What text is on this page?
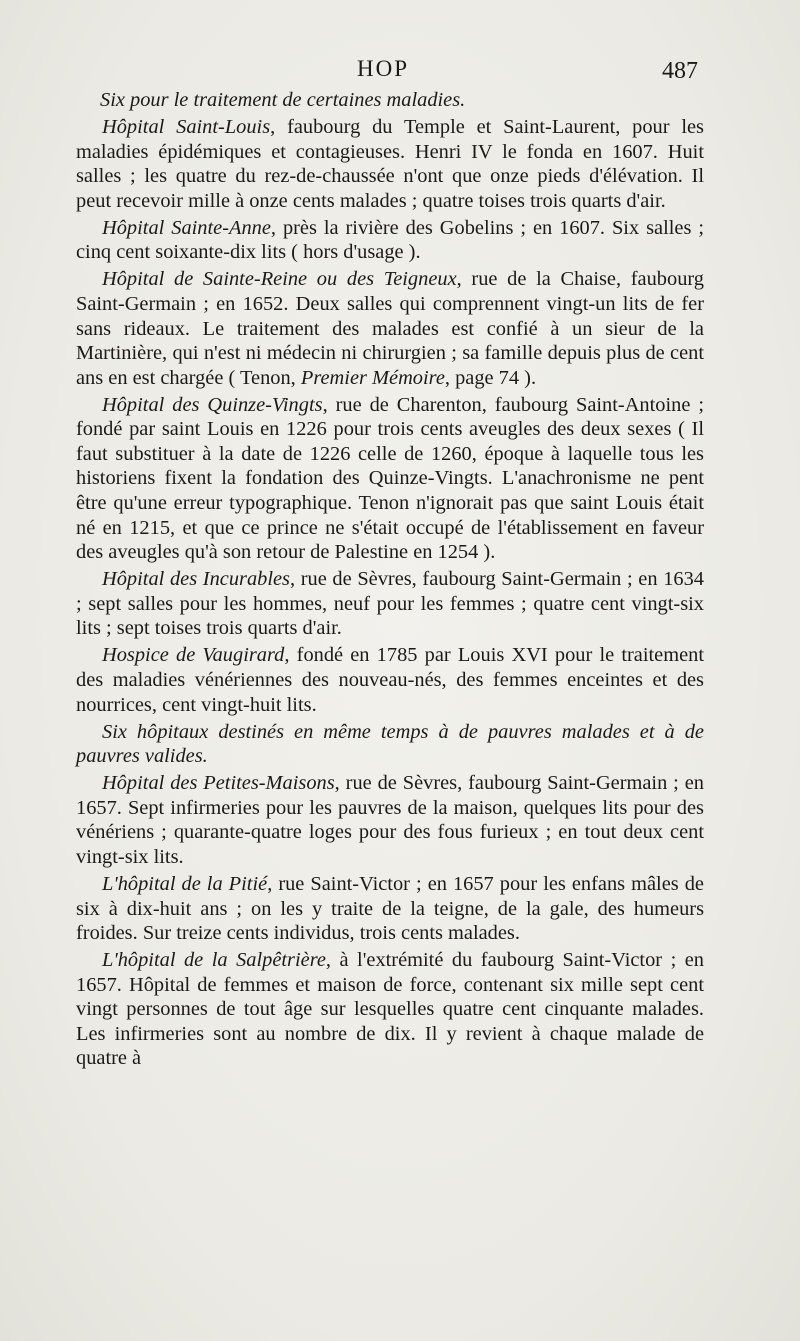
HOP	487

Six pour le traitement de certaines maladies.

Hôpital Saint-Louis, faubourg du Temple et Saint-Laurent, pour les maladies épidémiques et contagieuses. Henri IV le fonda en 1607. Huit salles ; les quatre du rez-de-chaussée n'ont que onze pieds d'élévation. Il peut recevoir mille à onze cents malades ; quatre toises trois quarts d'air.

Hôpital Sainte-Anne, près la rivière des Gobelins ; en 1607. Six salles ; cinq cent soixante-dix lits ( hors d'usage ).

Hôpital de Sainte-Reine ou des Teigneux, rue de la Chaise, faubourg Saint-Germain ; en 1652. Deux salles qui comprennent vingt-un lits de fer sans rideaux. Le traitement des malades est confié à un sieur de la Martinière, qui n'est ni médecin ni chirurgien ; sa famille depuis plus de cent ans en est chargée ( Tenon, Premier Mémoire, page 74 ).

Hôpital des Quinze-Vingts, rue de Charenton, faubourg Saint-Antoine ; fondé par saint Louis en 1226 pour trois cents aveugles des deux sexes ( Il faut substituer à la date de 1226 celle de 1260, époque à laquelle tous les historiens fixent la fondation des Quinze-Vingts. L'anachronisme ne pent être qu'une erreur typographique. Tenon n'ignorait pas que saint Louis était né en 1215, et que ce prince ne s'était occupé de l'établissement en faveur des aveugles qu'à son retour de Palestine en 1254 ).

Hôpital des Incurables, rue de Sèvres, faubourg Saint-Germain ; en 1634 ; sept salles pour les hommes, neuf pour les femmes ; quatre cent vingt-six lits ; sept toises trois quarts d'air.

Hospice de Vaugirard, fondé en 1785 par Louis XVI pour le traitement des maladies vénériennes des nouveau-nés, des femmes enceintes et des nourrices, cent vingt-huit lits.

Six hôpitaux destinés en même temps à de pauvres malades et à de pauvres valides.

Hôpital des Petites-Maisons, rue de Sèvres, faubourg Saint-Germain ; en 1657. Sept infirmeries pour les pauvres de la maison, quelques lits pour des vénériens ; quarante-quatre loges pour des fous furieux ; en tout deux cent vingt-six lits.

L'hôpital de la Pitié, rue Saint-Victor ; en 1657 pour les enfans mâles de six à dix-huit ans ; on les y traite de la teigne, de la gale, des humeurs froides. Sur treize cents individus, trois cents malades.

L'hôpital de la Salpêtrière, à l'extrémité du faubourg Saint-Victor ; en 1657. Hôpital de femmes et maison de force, contenant six mille sept cent vingt personnes de tout âge sur lesquelles quatre cent cinquante malades. Les infirmeries sont au nombre de dix. Il y revient à chaque malade de quatre à
